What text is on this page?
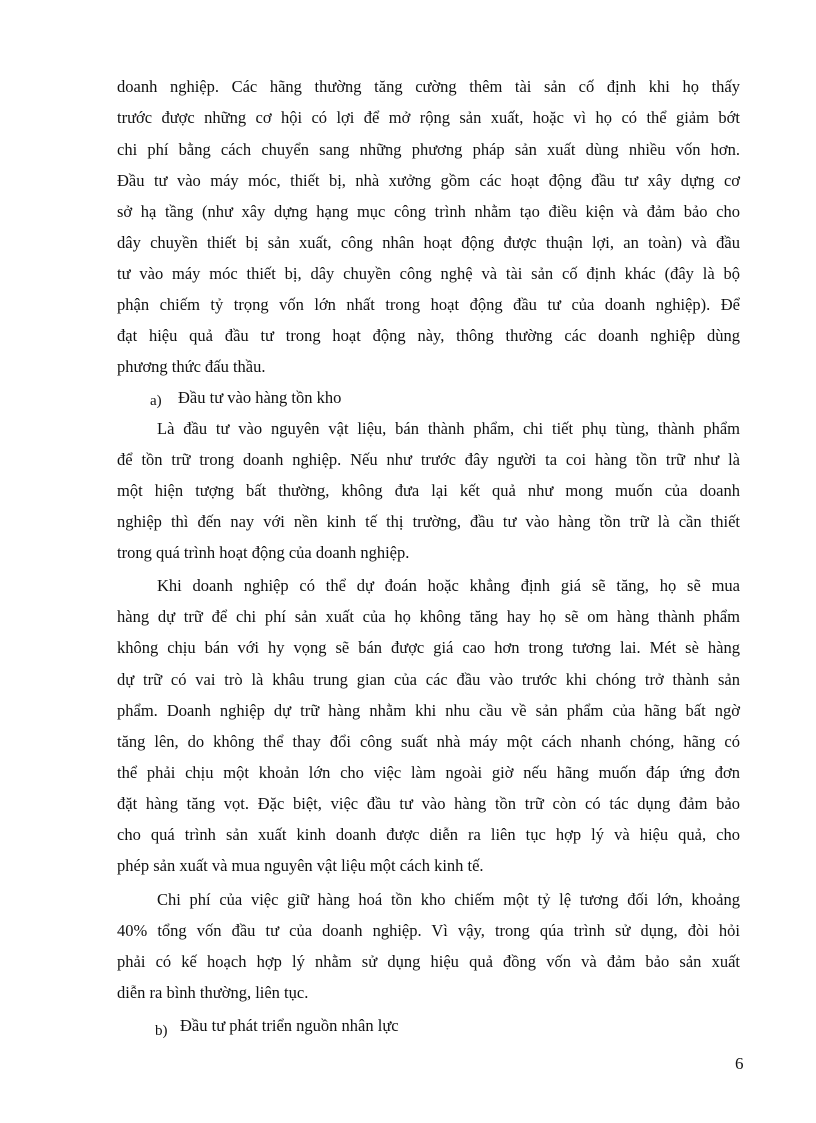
doanh nghiệp. Các hãng thường tăng cường thêm tài sản cố định khi họ thấy
trước được những cơ hội có lợi để mở rộng sản xuất, hoặc vì họ có thể giảm bớt
chi phí bằng cách chuyển sang những phương pháp sản xuất dùng nhiều vốn hơn.
Đầu tư vào máy móc, thiết bị, nhà xưởng gồm các hoạt động đầu tư xây dựng cơ
sở hạ tầng (như xây dựng hạng mục công trình nhằm tạo điều kiện và đảm bảo cho
dây chuyền thiết bị sản xuất, công nhân hoạt động được thuận lợi, an toàn) và đầu
tư vào máy móc thiết bị, dây chuyền công nghệ và tài sản cố định khác (đây là bộ
phận chiếm tỷ trọng vốn lớn nhất trong hoạt động đầu tư của doanh nghiệp). Để
đạt hiệu quả đầu tư trong hoạt động này, thông thường các doanh nghiệp dùng
phương thức đấu thầu.
a) Đầu tư vào hàng tồn kho
Là đầu tư vào nguyên vật liệu, bán thành phẩm, chi tiết phụ tùng, thành phẩm
để tồn trữ trong doanh nghiệp. Nếu như trước đây người ta coi hàng tồn trữ như là
một hiện tượng bất thường, không đưa lại kết quả như mong muốn của doanh
nghiệp thì đến nay với nền kinh tế thị trường, đầu tư vào hàng tồn trữ là cần thiết
trong quá trình hoạt động của doanh nghiệp.
Khi doanh nghiệp có thể dự đoán hoặc khẳng định giá sẽ tăng, họ sẽ mua
hàng dự trữ để chi phí sản xuất của họ không tăng hay họ sẽ om hàng thành phẩm
không chịu bán với hy vọng sẽ bán được giá cao hơn trong tương lai. Mét sè hàng
dự trữ có vai trò là khâu trung gian của các đầu vào trước khi chóng trở thành sản
phẩm. Doanh nghiệp dự trữ hàng nhằm khi nhu cầu về sản phẩm của hãng bất ngờ
tăng lên, do không thể thay đổi công suất nhà máy một cách nhanh chóng, hãng có
thể phải chịu một khoản lớn cho việc làm ngoài giờ nếu hãng muốn đáp ứng đơn
đặt hàng tăng vọt. Đặc biệt, việc đầu tư vào hàng tồn trữ còn có tác dụng đảm bảo
cho quá trình sản xuất kinh doanh được diễn ra liên tục hợp lý và hiệu quả, cho
phép sản xuất và mua nguyên vật liệu một cách kinh tế.
Chi phí của việc giữ hàng hoá tồn kho chiếm một tỷ lệ tương đối lớn, khoảng
40% tổng vốn đầu tư của doanh nghiệp. Vì vậy, trong qúa trình sử dụng, đòi hỏi
phải có kế hoạch hợp lý nhằm sử dụng hiệu quả đồng vốn và đảm bảo sản xuất
diễn ra bình thường, liên tục.
b) Đầu tư phát triển nguồn nhân lực
6
